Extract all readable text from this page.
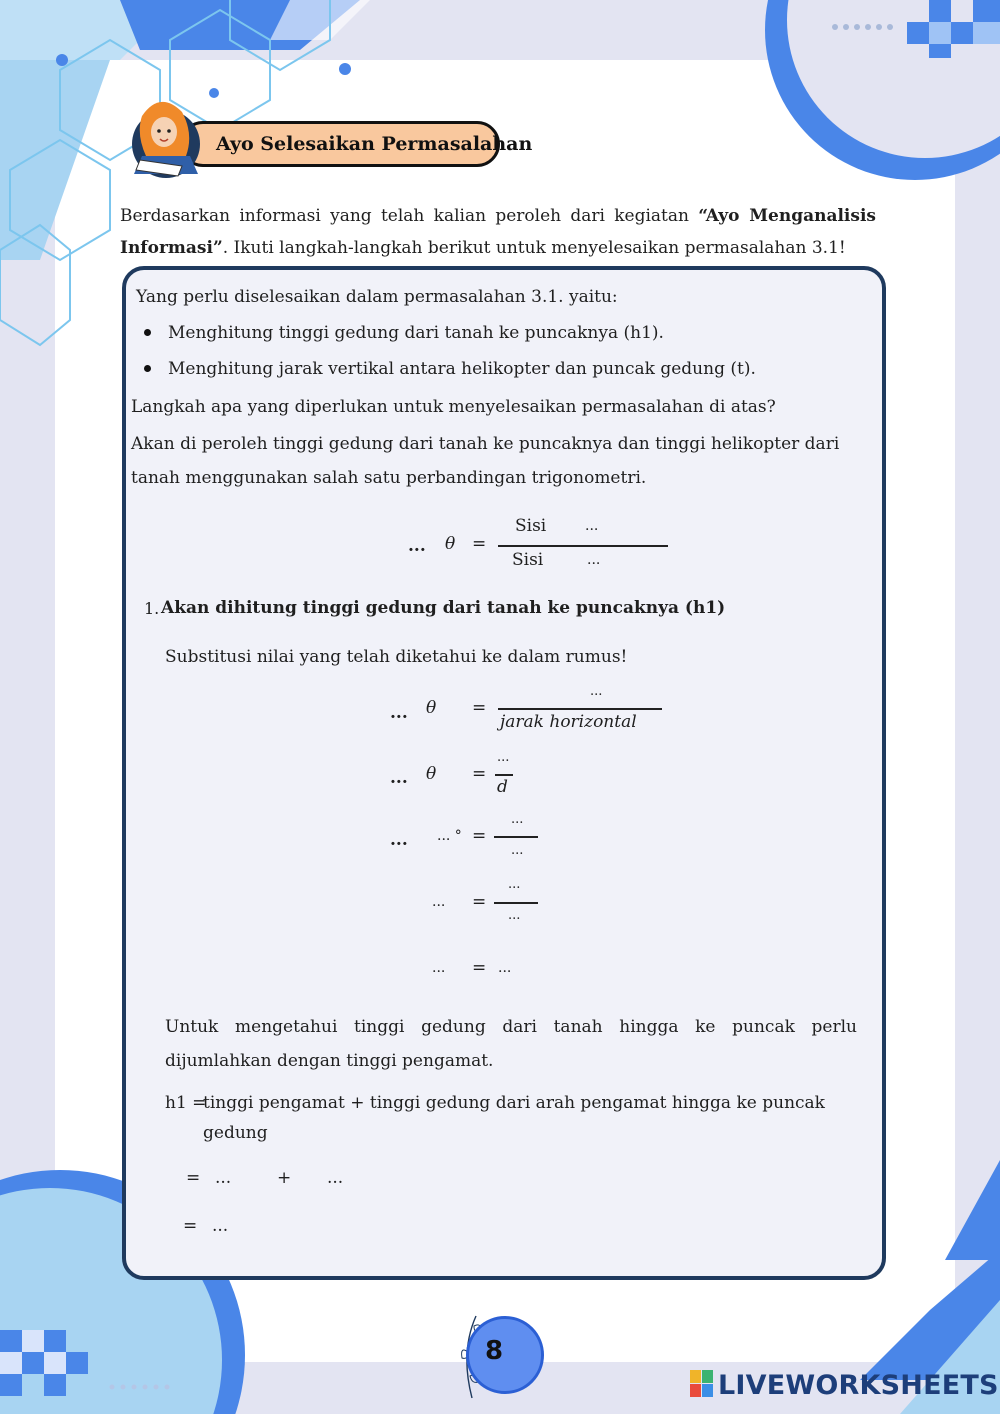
Ayo Selesaikan Permasalahan
Berdasarkan informasi yang telah kalian peroleh dari kegiatan “Ayo Menganalisis Informasi”. Ikuti langkah-langkah berikut untuk menyelesaikan permasalahan 3.1!
Yang perlu diselesaikan dalam permasalahan 3.1. yaitu:
Menghitung tinggi gedung dari tanah ke puncaknya (h1).
Menghitung jarak vertikal antara helikopter dan puncak gedung (t).
Langkah apa yang diperlukan untuk menyelesaikan permasalahan di atas?
Akan di peroleh tinggi gedung dari tanah ke puncaknya dan tinggi helikopter dari
tanah menggunakan salah satu perbandingan trigonometri.
... θ =
Sisi	...
Sisi	...
1. Akan dihitung tinggi gedung dari tanah ke puncaknya (h1)
Substitusi nilai yang telah diketahui ke dalam rumus!
... θ =
...
jarak horizontal
... θ =
...
d
... ... ° =
...
...
... =
...
...
... = ...
Untuk mengetahui tinggi gedung dari tanah hingga ke puncak perlu
dijumlahkan dengan tinggi pengamat.
h1 =
tinggi pengamat + tinggi gedung dari arah pengamat hingga ke puncak
gedung
= ...	+ ...
= ...
8
LIVEWORKSHEETS
